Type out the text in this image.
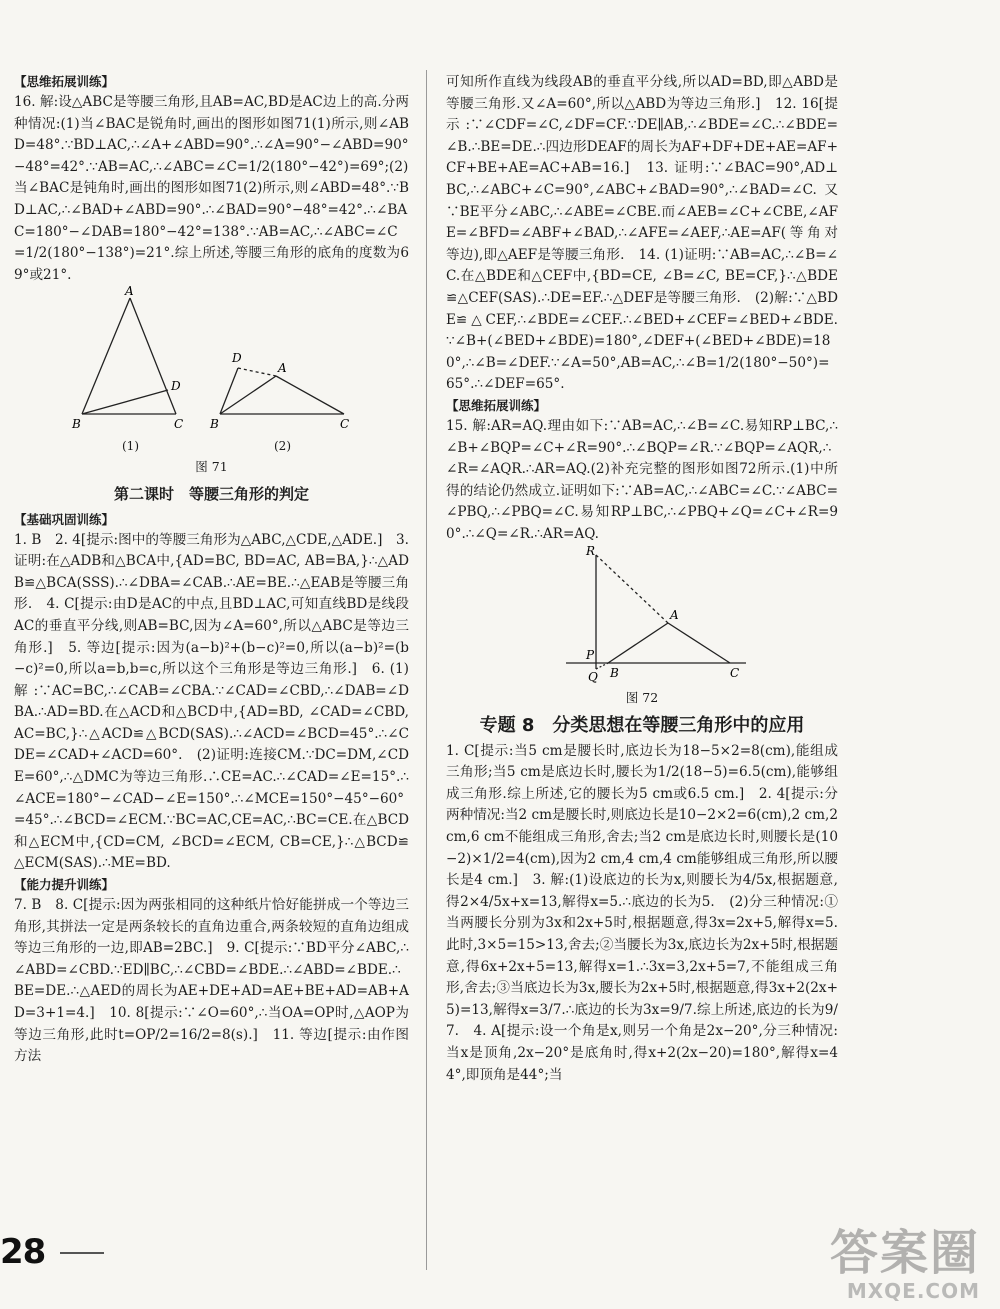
【思维拓展训练】
16. 解:设△ABC是等腰三角形,且AB=AC,BD是AC边上的高.分两种情况:(1)当∠BAC是锐角时,画出的图形如图71(1)所示,则∠ABD=48°.∵BD⊥AC,∴∠A+∠ABD=90°.∴∠A=90°−∠ABD=90°−48°=42°.∵AB=AC,∴∠ABC=∠C=1/2(180°−42°)=69°;(2)当∠BAC是钝角时,画出的图形如图71(2)所示,则∠ABD=48°.∵BD⊥AC,∴∠BAD+∠ABD=90°.∴∠BAD=90°−48°=42°.∴∠BAC=180°−∠DAB=180°−42°=138°.∵AB=AC,∴∠ABC=∠C=1/2(180°−138°)=21°.综上所述,等腰三角形的底角的度数为69°或21°.
A
B	C
D
D
A
B	C
(1)	(2)
图 71
第二课时　等腰三角形的判定
【基础巩固训练】
1. B　2. 4[提示:图中的等腰三角形为△ABC,△CDE,△ADE.]　3. 证明:在△ADB和△BCA中,{AD=BC, BD=AC, AB=BA,}∴△ADB≌△BCA(SSS).∴∠DBA=∠CAB.∴AE=BE.∴△EAB是等腰三角形.　4. C[提示:由D是AC的中点,且BD⊥AC,可知直线BD是线段AC的垂直平分线,则AB=BC,因为∠A=60°,所以△ABC是等边三角形.]　5. 等边[提示:因为(a−b)²+(b−c)²=0,所以(a−b)²=(b−c)²=0,所以a=b,b=c,所以这个三角形是等边三角形.]　6. (1)解:∵AC=BC,∴∠CAB=∠CBA.∵∠CAD=∠CBD,∴∠DAB=∠DBA.∴AD=BD.在△ACD和△BCD中,{AD=BD, ∠CAD=∠CBD, AC=BC,}∴△ACD≌△BCD(SAS).∴∠ACD=∠BCD=45°.∴∠CDE=∠CAD+∠ACD=60°.　(2)证明:连接CM.∵DC=DM,∠CDE=60°,∴△DMC为等边三角形.∴CE=AC.∴∠CAD=∠E=15°.∴∠ACE=180°−∠CAD−∠E=150°.∴∠MCE=150°−45°−60°=45°.∴∠BCD=∠ECM.∵BC=AC,CE=AC,∴BC=CE.在△BCD和△ECM中,{CD=CM, ∠BCD=∠ECM, CB=CE,}∴△BCD≌△ECM(SAS).∴ME=BD.
【能力提升训练】
7. B　8. C[提示:因为两张相同的这种纸片恰好能拼成一个等边三角形,其拼法一定是两条较长的直角边重合,两条较短的直角边组成等边三角形的一边,即AB=2BC.]　9. C[提示:∵BD平分∠ABC,∴∠ABD=∠CBD.∵ED∥BC,∴∠CBD=∠BDE.∴∠ABD=∠BDE.∴BE=DE.∴△AED的周长为AE+DE+AD=AE+BE+AD=AB+AD=3+1=4.]　10. 8[提示:∵∠O=60°,∴当OA=OP时,△AOP为等边三角形,此时t=OP/2=16/2=8(s).]　11. 等边[提示:由作图方法
可知所作直线为线段AB的垂直平分线,所以AD=BD,即△ABD是等腰三角形.又∠A=60°,所以△ABD为等边三角形.]　12. 16[提示:∵∠CDF=∠C,∠DF=CF.∵DE∥AB,∴∠BDE=∠C.∴∠BDE=∠B.∴BE=DE.∴四边形DEAF的周长为AF+DF+DE+AE=AF+CF+BE+AE=AC+AB=16.]　13. 证明:∵∠BAC=90°,AD⊥BC,∴∠ABC+∠C=90°,∠ABC+∠BAD=90°,∴∠BAD=∠C.又∵BE平分∠ABC,∴∠ABE=∠CBE.而∠AEB=∠C+∠CBE,∠AFE=∠BFD=∠ABF+∠BAD,∴∠AFE=∠AEF,∴AE=AF(等角对等边),即△AEF是等腰三角形.　14. (1)证明:∵AB=AC,∴∠B=∠C.在△BDE和△CEF中,{BD=CE, ∠B=∠C, BE=CF,}∴△BDE≌△CEF(SAS).∴DE=EF.∴△DEF是等腰三角形.　(2)解:∵△BDE≌△CEF,∴∠BDE=∠CEF.∴∠BED+∠CEF=∠BED+∠BDE.∵∠B+(∠BED+∠BDE)=180°,∠DEF+(∠BED+∠BDE)=180°,∴∠B=∠DEF.∵∠A=50°,AB=AC,∴∠B=1/2(180°−50°)=65°.∴∠DEF=65°.
【思维拓展训练】
15. 解:AR=AQ.理由如下:∵AB=AC,∴∠B=∠C.易知RP⊥BC,∴∠B+∠BQP=∠C+∠R=90°.∴∠BQP=∠R.∵∠BQP=∠AQR,∴∠R=∠AQR.∴AR=AQ.(2)补充完整的图形如图72所示.(1)中所得的结论仍然成立.证明如下:∵AB=AC,∴∠ABC=∠C.∵∠ABC=∠PBQ,∴∠PBQ=∠C.易知RP⊥BC,∴∠PBQ+∠Q=∠C+∠R=90°.∴∠Q=∠R.∴AR=AQ.
R
A
P
B	C
Q
图 72
专题 8　分类思想在等腰三角形中的应用
1. C[提示:当5 cm是腰长时,底边长为18−5×2=8(cm),能组成三角形;当5 cm是底边长时,腰长为1/2(18−5)=6.5(cm),能够组成三角形.综上所述,它的腰长为5 cm或6.5 cm.]　2. 4[提示:分两种情况:当2 cm是腰长时,则底边长是10−2×2=6(cm),2 cm,2 cm,6 cm不能组成三角形,舍去;当2 cm是底边长时,则腰长是(10−2)×1/2=4(cm),因为2 cm,4 cm,4 cm能够组成三角形,所以腰长是4 cm.]　3. 解:(1)设底边的长为x,则腰长为4/5x,根据题意,得2×4/5x+x=13,解得x=5.∴底边的长为5.　(2)分三种情况:①当两腰长分别为3x和2x+5时,根据题意,得3x=2x+5,解得x=5.此时,3×5=15>13,舍去;②当腰长为3x,底边长为2x+5时,根据题意,得6x+2x+5=13,解得x=1.∴3x=3,2x+5=7,不能组成三角形,舍去;③当底边长为3x,腰长为2x+5时,根据题意,得3x+2(2x+5)=13,解得x=3/7.∴底边的长为3x=9/7.综上所述,底边的长为9/7.　4. A[提示:设一个角是x,则另一个角是2x−20°,分三种情况:当x是顶角,2x−20°是底角时,得x+2(2x−20)=180°,解得x=44°,即顶角是44°;当
28	答案圈
MXQE.COM
